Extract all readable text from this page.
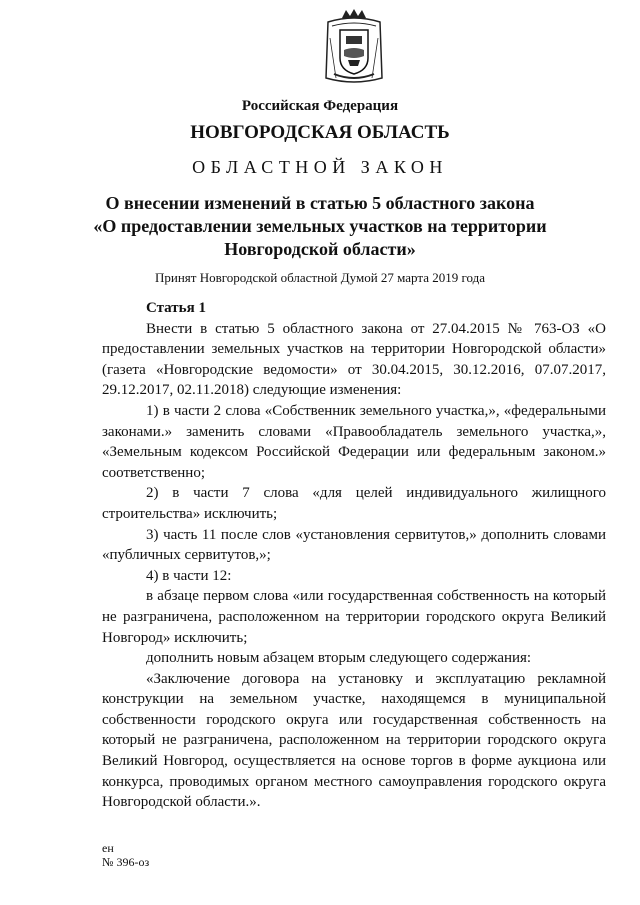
Российская Федерация
НОВГОРОДСКАЯ ОБЛАСТЬ
ОБЛАСТНОЙ ЗАКОН
О внесении изменений в статью 5 областного закона
«О предоставлении земельных участков на территории
Новгородской области»
Принят Новгородской областной Думой 27 марта 2019 года

Статья 1

Внести в статью 5 областного закона от 27.04.2015 № 763-ОЗ «О предоставлении земельных участков на территории Новгородской области» (газета «Новгородские ведомости» от 30.04.2015, 30.12.2016, 07.07.2017, 29.12.2017, 02.11.2018) следующие изменения:

1) в части 2 слова «Собственник земельного участка,», «федеральными законами.» заменить словами «Правообладатель земельного участка,», «Земельным кодексом Российской Федерации или федеральным законом.» соответственно;

2) в части 7 слова «для целей индивидуального жилищного строительства» исключить;

3) часть 11 после слов «установления сервитутов,» дополнить словами «публичных сервитутов,»;

4) в части 12:

в абзаце первом слова «или государственная собственность на который не разграничена, расположенном на территории городского округа Великий Новгород» исключить;

дополнить новым абзацем вторым следующего содержания:

«Заключение договора на установку и эксплуатацию рекламной конструкции на земельном участке, находящемся в муниципальной собственности городского округа или государственная собственность на который не разграничена, расположенном на территории городского округа Великий Новгород, осуществляется на основе торгов в форме аукциона или конкурса, проводимых органом местного самоуправления городского округа Новгородской области.».

ен
№ 396-оз
